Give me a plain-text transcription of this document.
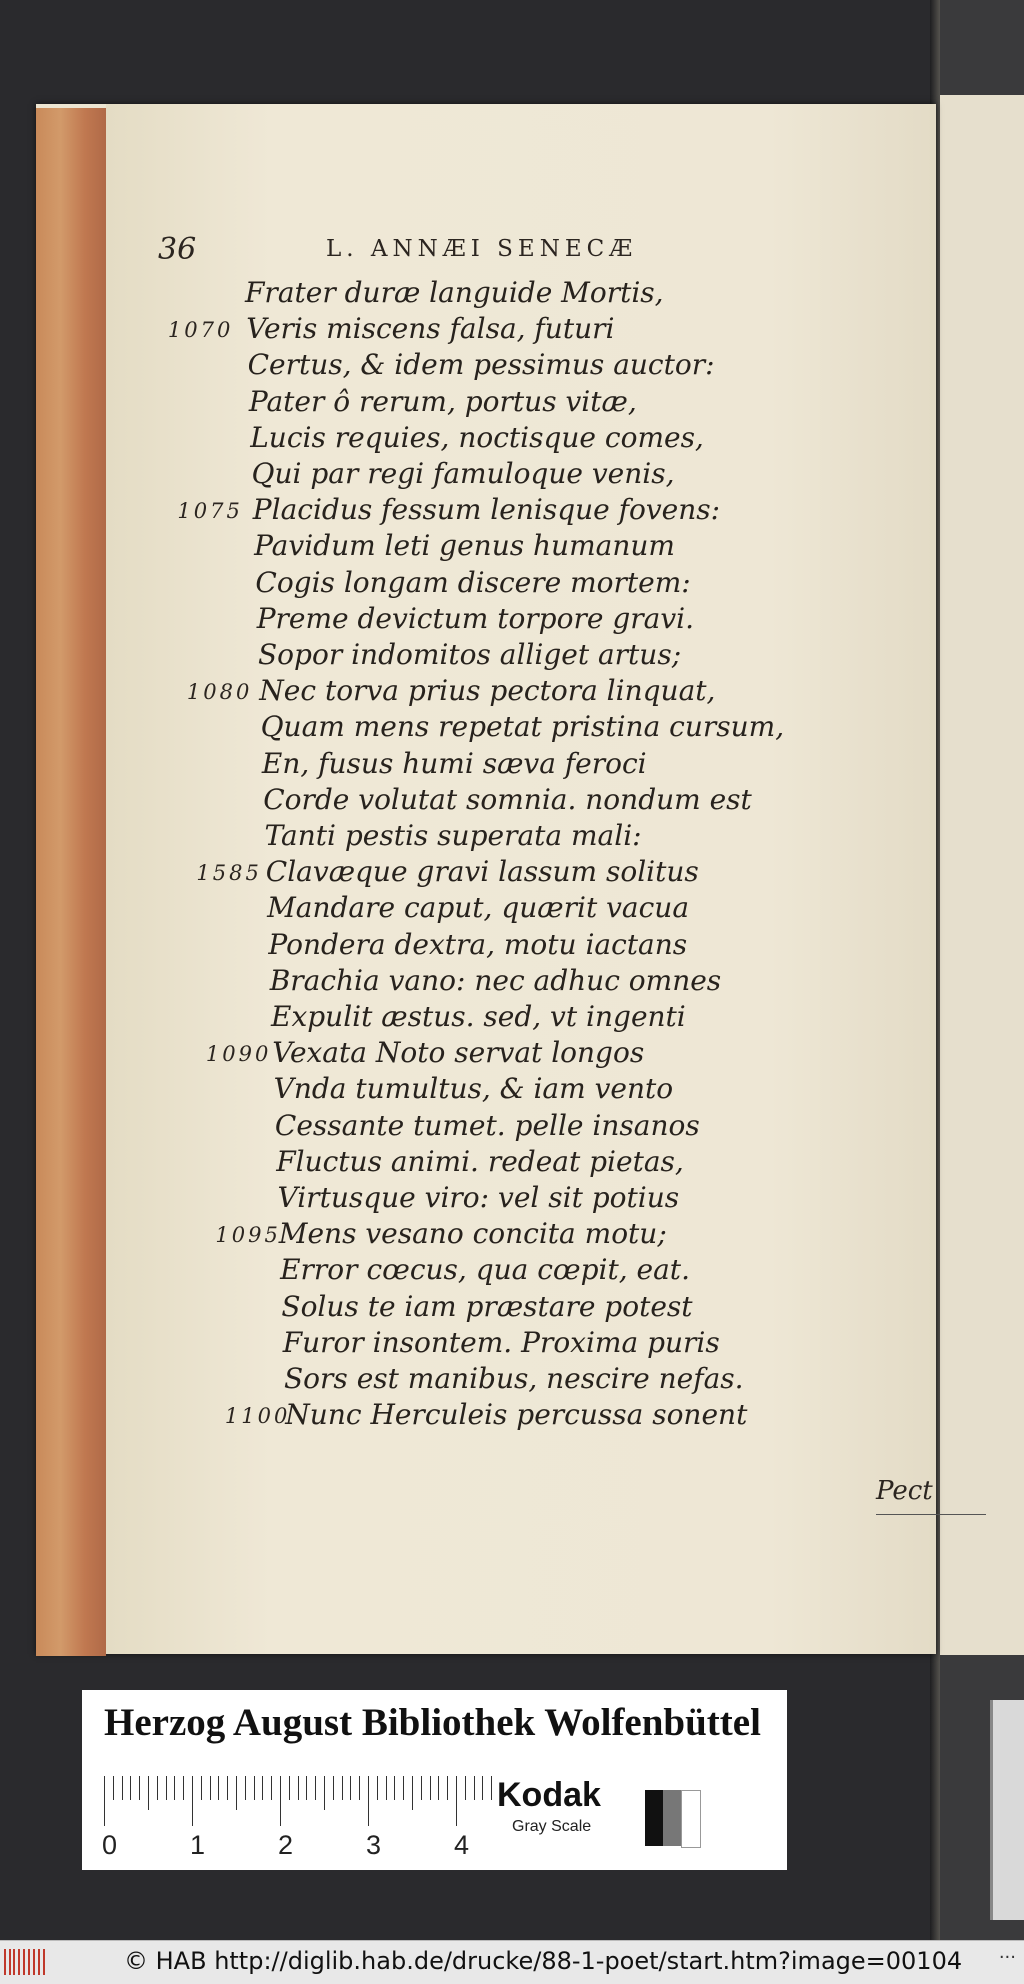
36	L. ANNÆI SENECÆ
Frater duræ languide Mortis,
Veris miscens falsa, futuri
1070
Certus, & idem pessimus auctor:
Pater ô rerum, portus vitæ,
Lucis requies, noctisque comes,
Qui par regi famuloque venis,
Placidus fessum lenisque fovens:
1075
Pavidum leti genus humanum
Cogis longam discere mortem:
Preme devictum torpore gravi.
Sopor indomitos alliget artus;
Nec torva prius pectora linquat,
1080
Quam mens repetat pristina cursum,
En, fusus humi sæva feroci
Corde volutat somnia. nondum est
Tanti pestis superata mali:
Clavæque gravi lassum solitus
1585
Mandare caput, quærit vacua
Pondera dextra, motu iactans
Brachia vano: nec adhuc omnes
Expulit æstus. sed, vt ingenti
Vexata Noto servat longos
1090
Vnda tumultus, & iam vento
Cessante tumet. pelle insanos
Fluctus animi. redeat pietas,
Virtusque viro: vel sit potius
Mens vesano concita motu;
1095
Error cœcus, qua cœpit, eat.
Solus te iam præstare potest
Furor insontem. Proxima puris
Sors est manibus, nescire nefas.
Nunc Herculeis percussa sonent
1100
Pect
Herzog August Bibliothek Wolfenbüttel
0	1	2	3	4
Kodak
Gray Scale
© HAB http://diglib.hab.de/drucke/88-1-poet/start.htm?image=00104 ···
